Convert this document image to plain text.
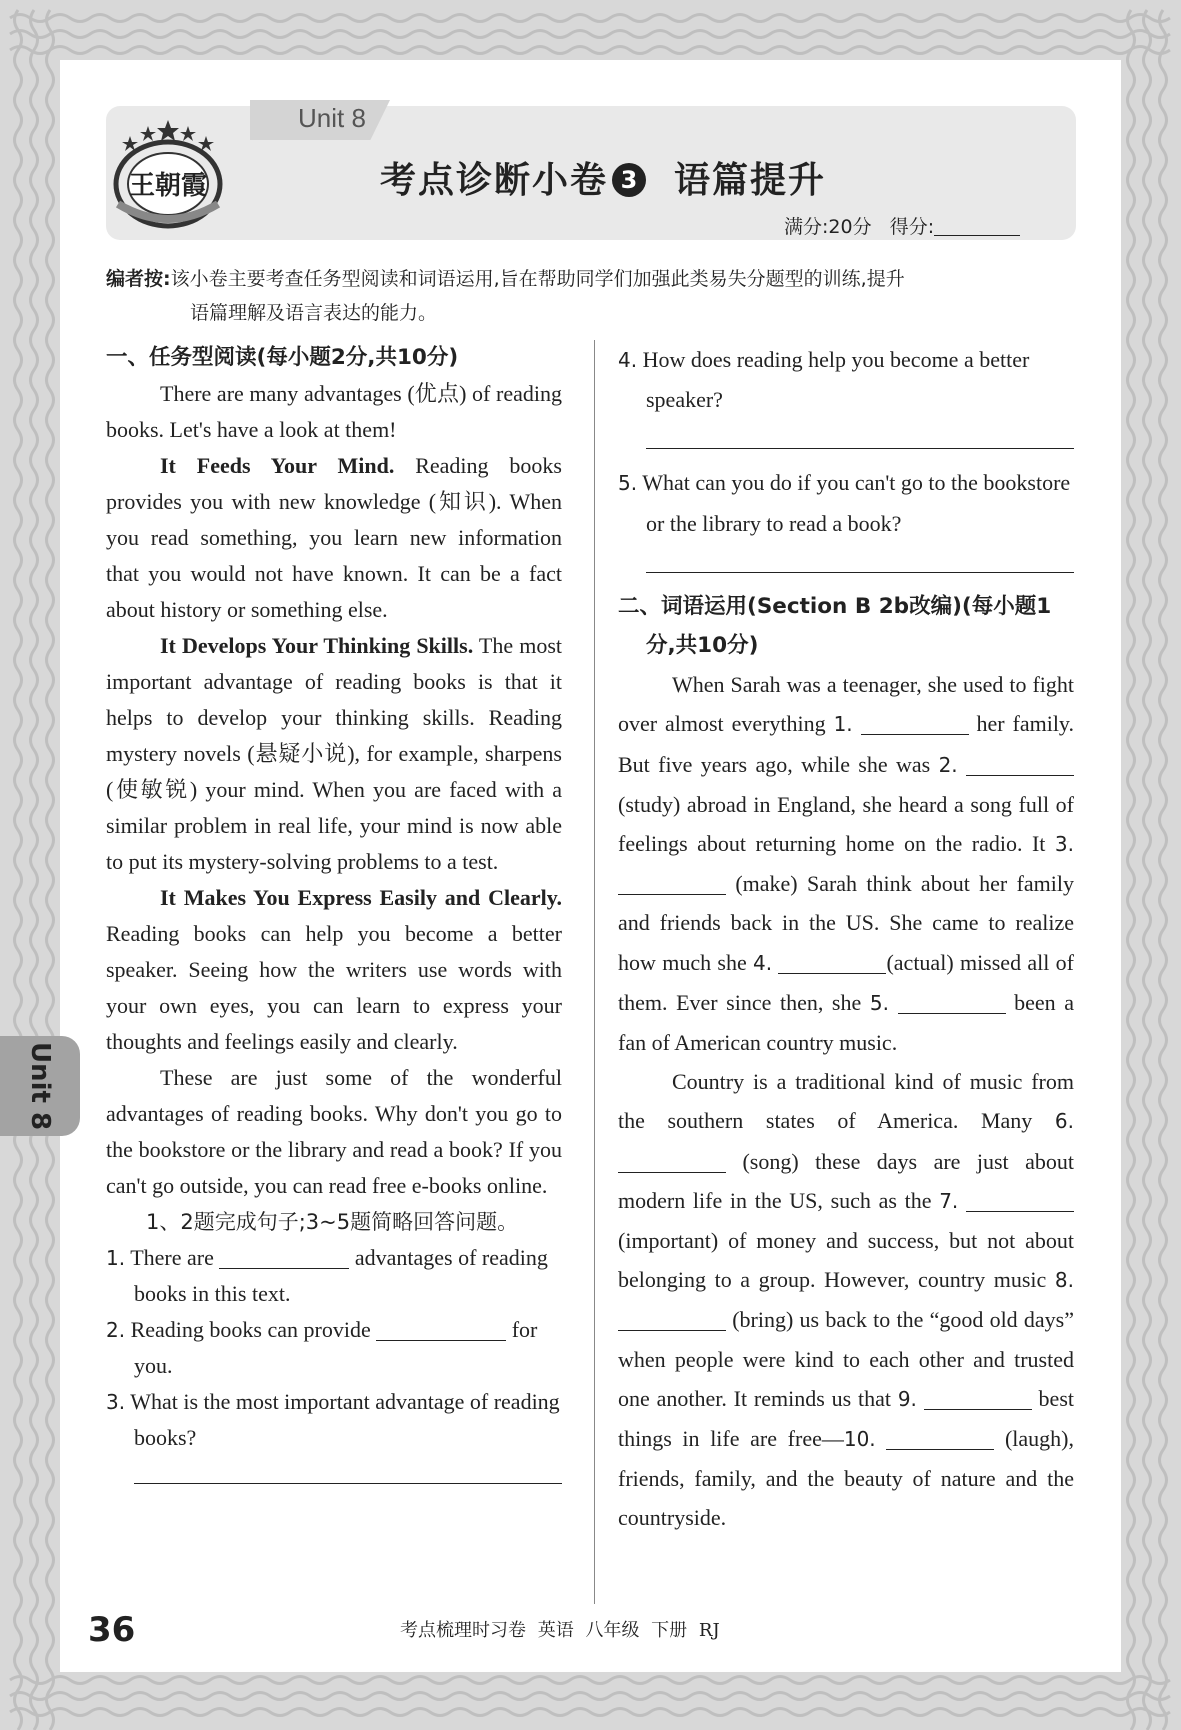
Unit 8
王朝霞	考点诊断小卷 3 语篇提升
满分:20分 得分:
编者按:该小卷主要考查任务型阅读和词语运用,旨在帮助同学们加强此类易失分题型的训练,提升
语篇理解及语言表达的能力。

一、任务型阅读(每小题2分,共10分)

There are many advantages (优点) of reading books. Let's have a look at them!

It Feeds Your Mind. Reading books provides you with new knowledge (知识). When you read something, you learn new information that you would not have known. It can be a fact about history or something else.

It Develops Your Thinking Skills. The most important advantage of reading books is that it helps to develop your thinking skills. Reading mystery novels (悬疑小说), for example, sharpens (使敏锐) your mind. When you are faced with a similar problem in real life, your mind is now able to put its mystery-solving problems to a test.

It Makes You Express Easily and Clearly. Reading books can help you become a better speaker. Seeing how the writers use words with your own eyes, you can learn to express your thoughts and feelings easily and clearly.

These are just some of the wonderful advantages of reading books. Why don't you go to the bookstore or the library and read a book? If you can't go outside, you can read free e-books online.

1、2题完成句子;3~5题简略回答问题。

1. There are	advantages of reading books in this text.

2. Reading books can provide	for you.

3. What is the most important advantage of reading books?

4. How does reading help you become a better speaker?

5. What can you do if you can't go to the bookstore or the library to read a book?

二、词语运用(Section B 2b改编)(每小题1分,共10分)

When Sarah was a teenager, she used to fight over almost everything 1.	her family. But five years ago, while she was 2. (study) abroad in England, she heard a song full of feelings about returning home on the radio. It 3.  (make) Sarah think about her family and friends back in the US. She came to realize how much she 4.	(actual) missed all of them. Ever since then, she 5.	been a fan of American country music.

Country is a traditional kind of music from the southern states of America. Many 6.  (song) these days are just about modern life in the US, such as the 7.  (important) of money and success, but not about belonging to a group. However, country music 8.  (bring) us back to the “good old days” when people were kind to each other and trusted one another. It reminds us that 9.	best things in life are free—10.	(laugh), friends, family, and the beauty of nature and the countryside.

Unit 8
36	考点梳理时习卷 英语 八年级 下册 RJ
